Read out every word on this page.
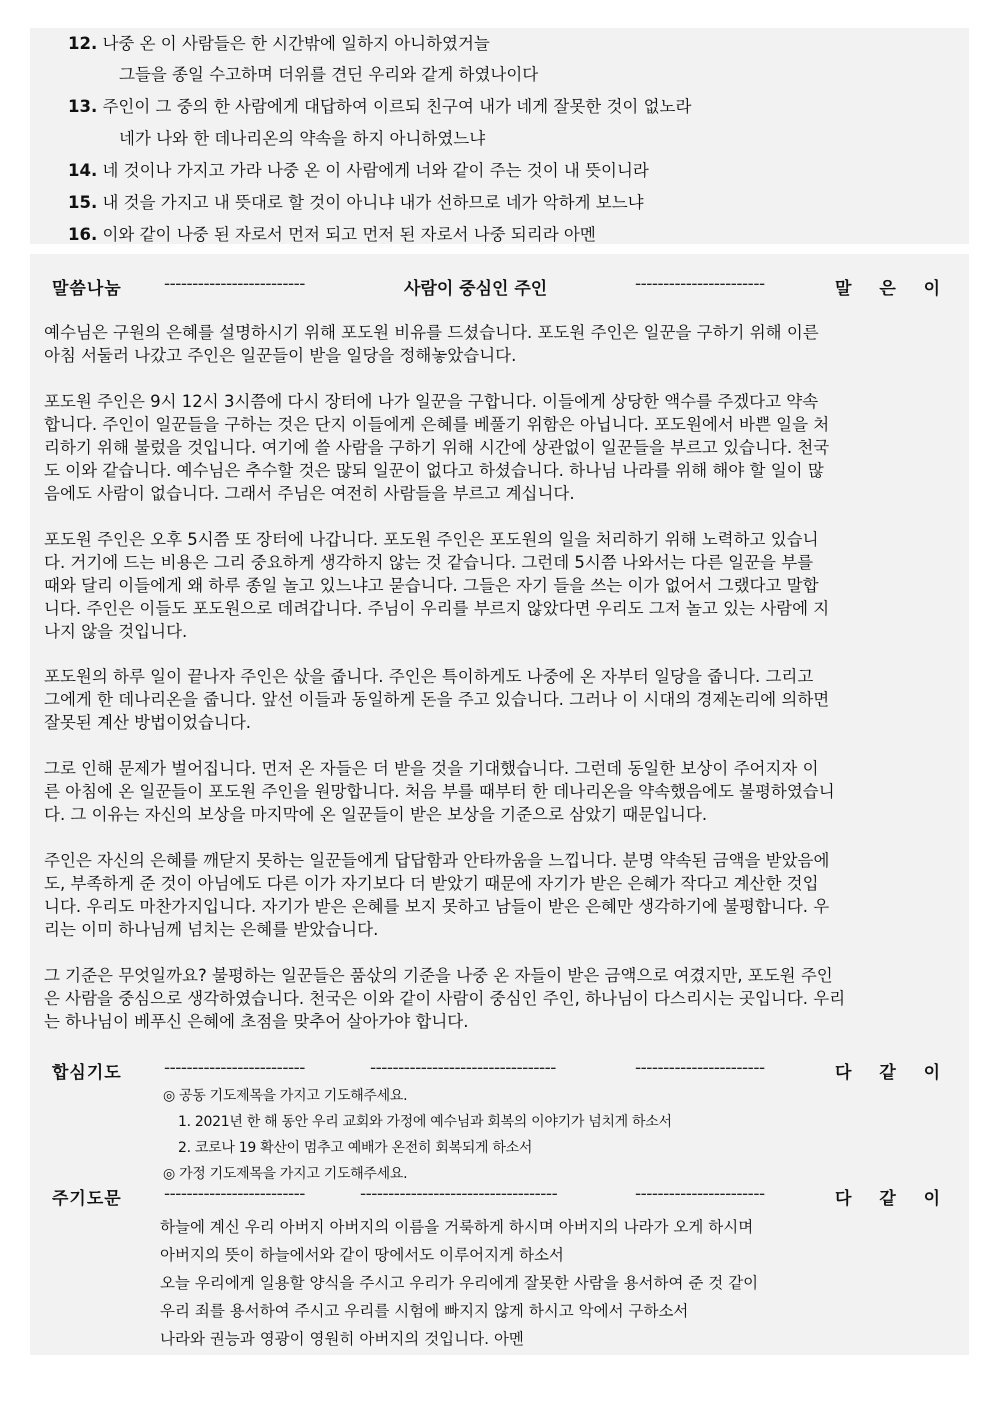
12. 나중 온 이 사람들은 한 시간밖에 일하지 아니하였거늘
그들을 종일 수고하며 더위를 견딘 우리와 같게 하였나이다
13. 주인이 그 중의 한 사람에게 대답하여 이르되 친구여 내가 네게 잘못한 것이 없노라
네가 나와 한 데나리온의 약속을 하지 아니하였느냐
14. 네 것이나 가지고 가라 나중 온 이 사람에게 너와 같이 주는 것이 내 뜻이니라
15. 내 것을 가지고 내 뜻대로 할 것이 아니냐 내가 선하므로 네가 악하게 보느냐
16. 이와 같이 나중 된 자로서 먼저 되고 먼저 된 자로서 나중 되리라 아멘
말씀나눔 -------------------------	사람이 중심인 주인	-----------------------	말 은 이
예수님은 구원의 은혜를 설명하시기 위해 포도원 비유를 드셨습니다. 포도원 주인은 일꾼을 구하기 위해 이른
아침 서둘러 나갔고 주인은 일꾼들이 받을 일당을 정해놓았습니다.
포도원 주인은 9시 12시 3시쯤에 다시 장터에 나가 일꾼을 구합니다. 이들에게 상당한 액수를 주겠다고 약속
합니다. 주인이 일꾼들을 구하는 것은 단지 이들에게 은혜를 베풀기 위함은 아닙니다. 포도원에서 바쁜 일을 처
리하기 위해 불렀을 것입니다. 여기에 쓸 사람을 구하기 위해 시간에 상관없이 일꾼들을 부르고 있습니다. 천국
도 이와 같습니다. 예수님은 추수할 것은 많되 일꾼이 없다고 하셨습니다. 하나님 나라를 위해 해야 할 일이 많
음에도 사람이 없습니다. 그래서 주님은 여전히 사람들을 부르고 계십니다.
포도원 주인은 오후 5시쯤 또 장터에 나갑니다. 포도원 주인은 포도원의 일을 처리하기 위해 노력하고 있습니
다. 거기에 드는 비용은 그리 중요하게 생각하지 않는 것 같습니다. 그런데 5시쯤 나와서는 다른 일꾼을 부를
때와 달리 이들에게 왜 하루 종일 놀고 있느냐고 묻습니다. 그들은 자기 들을 쓰는 이가 없어서 그랬다고 말합
니다. 주인은 이들도 포도원으로 데려갑니다. 주님이 우리를 부르지 않았다면 우리도 그저 놀고 있는 사람에 지
나지 않을 것입니다.
포도원의 하루 일이 끝나자 주인은 삯을 줍니다. 주인은 특이하게도 나중에 온 자부터 일당을 줍니다. 그리고
그에게 한 데나리온을 줍니다. 앞선 이들과 동일하게 돈을 주고 있습니다. 그러나 이 시대의 경제논리에 의하면
잘못된 계산 방법이었습니다.
그로 인해 문제가 벌어집니다. 먼저 온 자들은 더 받을 것을 기대했습니다. 그런데 동일한 보상이 주어지자 이
른 아침에 온 일꾼들이 포도원 주인을 원망합니다. 처음 부를 때부터 한 데나리온을 약속했음에도 불평하였습니
다. 그 이유는 자신의 보상을 마지막에 온 일꾼들이 받은 보상을 기준으로 삼았기 때문입니다.
주인은 자신의 은혜를 깨닫지 못하는 일꾼들에게 답답함과 안타까움을 느낍니다. 분명 약속된 금액을 받았음에
도, 부족하게 준 것이 아님에도 다른 이가 자기보다 더 받았기 때문에 자기가 받은 은혜가 작다고 계산한 것입
니다. 우리도 마찬가지입니다. 자기가 받은 은혜를 보지 못하고 남들이 받은 은혜만 생각하기에 불평합니다. 우
리는 이미 하나님께 넘치는 은혜를 받았습니다.
그 기준은 무엇일까요? 불평하는 일꾼들은 품삯의 기준을 나중 온 자들이 받은 금액으로 여겼지만, 포도원 주인
은 사람을 중심으로 생각하였습니다. 천국은 이와 같이 사람이 중심인 주인, 하나님이 다스리시는 곳입니다. 우리
는 하나님이 베푸신 은혜에 초점을 맞추어 살아가야 합니다.
합심기도 -------------------------	---------------------------------	-----------------------	다 같 이
◎ 공동 기도제목을 가지고 기도해주세요.
1. 2021년 한 해 동안 우리 교회와 가정에 예수님과 회복의 이야기가 넘치게 하소서
2. 코로나 19 확산이 멈추고 예배가 온전히 회복되게 하소서
◎ 가정 기도제목을 가지고 기도해주세요.
주기도문 -------------------------	-----------------------------------	-----------------------	다 같 이
하늘에 계신 우리 아버지 아버지의 이름을 거룩하게 하시며 아버지의 나라가 오게 하시며
아버지의 뜻이 하늘에서와 같이 땅에서도 이루어지게 하소서
오늘 우리에게 일용할 양식을 주시고 우리가 우리에게 잘못한 사람을 용서하여 준 것 같이
우리 죄를 용서하여 주시고 우리를 시험에 빠지지 않게 하시고 악에서 구하소서
나라와 권능과 영광이 영원히 아버지의 것입니다. 아멘
